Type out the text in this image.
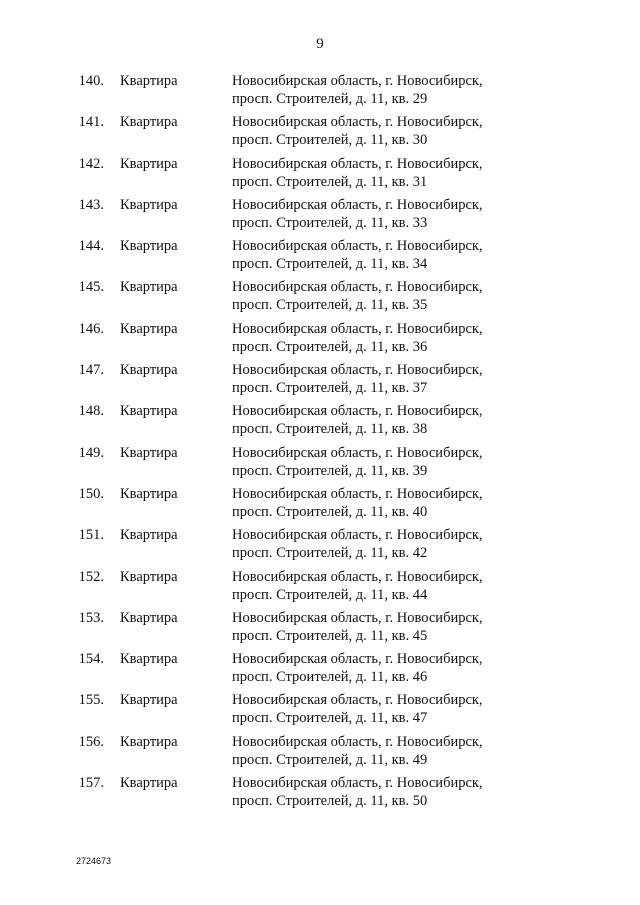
9
140. Квартира	Новосибирская область, г. Новосибирск,
просп. Строителей, д. 11, кв. 29
141. Квартира	Новосибирская область, г. Новосибирск,
просп. Строителей, д. 11, кв. 30
142. Квартира	Новосибирская область, г. Новосибирск,
просп. Строителей, д. 11, кв. 31
143. Квартира	Новосибирская область, г. Новосибирск,
просп. Строителей, д. 11, кв. 33
144. Квартира	Новосибирская область, г. Новосибирск,
просп. Строителей, д. 11, кв. 34
145. Квартира	Новосибирская область, г. Новосибирск,
просп. Строителей, д. 11, кв. 35
146. Квартира	Новосибирская область, г. Новосибирск,
просп. Строителей, д. 11, кв. 36
147. Квартира	Новосибирская область, г. Новосибирск,
просп. Строителей, д. 11, кв. 37
148. Квартира	Новосибирская область, г. Новосибирск,
просп. Строителей, д. 11, кв. 38
149. Квартира	Новосибирская область, г. Новосибирск,
просп. Строителей, д. 11, кв. 39
150. Квартира	Новосибирская область, г. Новосибирск,
просп. Строителей, д. 11, кв. 40
151. Квартира	Новосибирская область, г. Новосибирск,
просп. Строителей, д. 11, кв. 42
152. Квартира	Новосибирская область, г. Новосибирск,
просп. Строителей, д. 11, кв. 44
153. Квартира	Новосибирская область, г. Новосибирск,
просп. Строителей, д. 11, кв. 45
154. Квартира	Новосибирская область, г. Новосибирск,
просп. Строителей, д. 11, кв. 46
155. Квартира	Новосибирская область, г. Новосибирск,
просп. Строителей, д. 11, кв. 47
156. Квартира	Новосибирская область, г. Новосибирск,
просп. Строителей, д. 11, кв. 49
157. Квартира	Новосибирская область, г. Новосибирск,
просп. Строителей, д. 11, кв. 50
2724673
